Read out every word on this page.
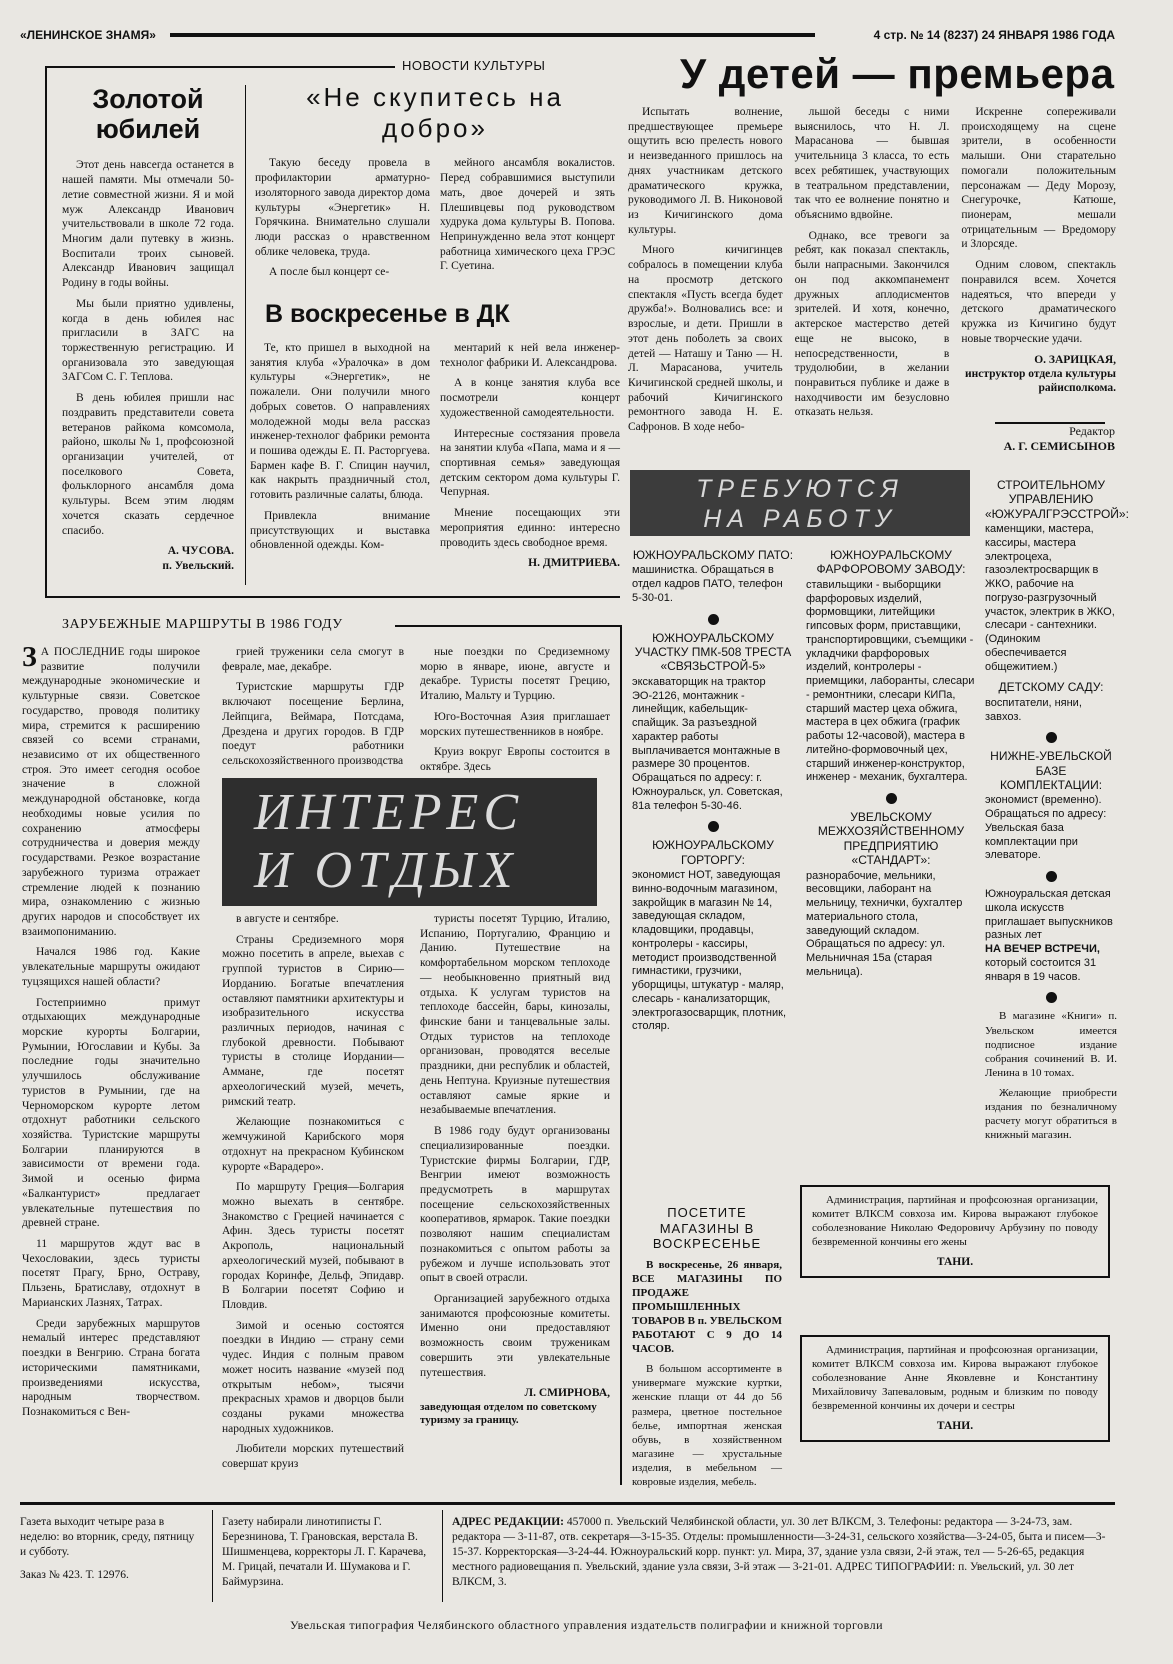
«ЛЕНИНСКОЕ ЗНАМЯ»	4 стр. № 14 (8237) 24 ЯНВАРЯ 1986 ГОДА
НОВОСТИ КУЛЬТУРЫ
Золотой юбилей

Этот день навсегда останется в нашей памяти. Мы отмечали 50-летие совместной жизни. Я и мой муж Александр Иванович учительствовали в школе 72 года. Многим дали путевку в жизнь. Воспитали троих сыновей. Александр Иванович защищал Родину в годы войны.

Мы были приятно удивлены, когда в день юбилея нас пригласили в ЗАГС на торжественную регистрацию. И организовала это заведующая ЗАГСом С. Г. Теплова.

В день юбилея пришли нас поздравить представители совета ветеранов райкома комсомола, районо, школы № 1, профсоюзной организации учителей, от поселкового Совета, фольклорного ансамбля дома культуры. Всем этим людям хочется сказать сердечное спасибо.

А. ЧУСОВА.

п. Увельский.

«Не скупитесь на добро»

Такую беседу провела в профилактории арматурно-изоляторного завода директор дома культуры «Энергетик» Н. Горячкина. Внимательно слушали люди рассказ о нравственном облике человека, труда.

А после был концерт се-

мейного ансамбля вокалистов. Перед собравшимися выступили мать, двое дочерей и зять Плешивцевы под руководством худрука дома культуры В. Попова. Непринужденно вела этот концерт работница химического цеха ГРЭС Г. Суетина.

В воскресенье в ДК

Те, кто пришел в выходной на занятия клуба «Уралочка» в дом культуры «Энергетик», не пожалели. Они получили много добрых советов. О направлениях молодежной моды вела рассказ инженер-технолог фабрики ремонта и пошива одежды Е. П. Расторгуева. Бармен кафе В. Г. Спицин научил, как накрыть праздничный стол, готовить различные салаты, блюда.

Привлекла внимание присутствующих и выставка обновленной одежды. Ком-

ментарий к ней вела инженер-технолог фабрики И. Александрова.

А в конце занятия клуба все посмотрели концерт художественной самодеятельности.

Интересные состязания провела на занятии клуба «Папа, мама и я — спортивная семья» заведующая детским сектором дома культуры Г. Чепурная.

Мнение посещающих эти мероприятия единно: интересно проводить здесь свободное время.

Н. ДМИТРИЕВА.

У детей — премьера

Испытать волнение, предшествующее премьере ощутить всю прелесть нового и неизведанного пришлось на днях участникам детского драматического кружка, руководимого Л. В. Никоновой из Кичигинского дома культуры.

Много кичигинцев собралось в помещении клуба на просмотр детского спектакля «Пусть всегда будет дружба!». Волновались все: и взрослые, и дети. Пришли в этот день поболеть за своих детей — Наташу и Таню — Н. Л. Марасанова, учитель Кичигинской средней школы, и рабочий Кичигинского ремонтного завода Н. Е. Сафронов. В ходе небо-

льшой беседы с ними выяснилось, что Н. Л. Марасанова — бывшая учительница 3 класса, то есть всех ребятишек, участвующих в театральном представлении, так что ее волнение понятно и объяснимо вдвойне.

Однако, все тревоги за ребят, как показал спектакль, были напрасными. Закончился он под аккомпанемент дружных аплодисментов зрителей. И хотя, конечно, актерское мастерство детей еще не высоко, в непосредственности, в трудолюбии, в желании понравиться публике и даже в находчивости им безусловно отказать нельзя.

Искренне сопереживали происходящему на сцене зрители, в особенности малыши. Они старательно помогали положительным персонажам — Деду Морозу, Снегурочке, Катюше, пионерам, мешали отрицательным — Вредомору и Злорсяде.

Одним словом, спектакль понравился всем. Хочется надеяться, что впереди у детского драматического кружка из Кичигино будут новые творческие удачи.

О. ЗАРИЦКАЯ,

инструктор отдела культуры райисполкома.

Редактор
А. Г. СЕМИСЫНОВ
ТРЕБУЮТСЯ
НА РАБОТУ

ЮЖНОУРАЛЬСКОМУ ПАТО:

машинистка. Обращаться в отдел кадров ПАТО, телефон 5-30-01.

ЮЖНОУРАЛЬСКОМУ УЧАСТКУ ПМК-508 ТРЕСТА «СВЯЗЬСТРОЙ-5»

экскаваторщик на трактор ЭО-2126, монтажник - линейщик, кабельщик-спайщик. За разъездной характер работы выплачивается монтажные в размере 30 процентов. Обращаться по адресу: г. Южноуральск, ул. Советская, 81а телефон 5-30-46.

ЮЖНОУРАЛЬСКОМУ ГОРТОРГУ:

экономист НОТ, заведующая винно-водочным магазином, закройщик в магазин № 14, заведующая складом, кладовщики, продавцы, контролеры - кассиры, методист производственной гимнастики, грузчики, уборщицы, штукатур - маляр, слесарь - канализаторщик, электрогазосварщик, плотник, столяр.

ЮЖНОУРАЛЬСКОМУ ФАРФОРОВОМУ ЗАВОДУ:

ставильщики - выборщики фарфоровых изделий, формовщики, литейщики гипсовых форм, приставщики, транспортировщики, съемщики - укладчики фарфоровых изделий, контролеры - приемщики, лаборанты, слесари - ремонтники, слесари КИПа, старший мастер цеха обжига, мастера в цех обжига (график работы 12-часовой), мастера в литейно-формовочный цех, старший инженер-конструктор, инженер - механик, бухгалтера.

УВЕЛЬСКОМУ МЕЖХОЗЯЙСТВЕННОМУ ПРЕДПРИЯТИЮ «СТАНДАРТ»:

разнорабочие, мельники, весовщики, лаборант на мельницу, технички, бухгалтер материального стола, заведующий складом. Обращаться по адресу: ул. Мельничная 15а (старая мельница).

СТРОИТЕЛЬНОМУ УПРАВЛЕНИЮ «ЮЖУРАЛГРЭССТРОЙ»:

каменщики, мастера, кассиры, мастера электроцеха, газоэлектросварщик в ЖКО, рабочие на погрузо-разгрузочный участок, электрик в ЖКО, слесари - сантехники. (Одиноким обеспечивается общежитием.)

ДЕТСКОМУ САДУ:

воспитатели, няни, завхоз.

НИЖНЕ-УВЕЛЬСКОЙ БАЗЕ КОМПЛЕКТАЦИИ:

экономист (временно). Обращаться по адресу: Увельская база комплектации при элеваторе.

Южноуральская детская школа искусств приглашает выпускников разных лет

НА ВЕЧЕР ВСТРЕЧИ,

который состоится 31 января в 19 часов.

В магазине «Книги» п. Увельском имеется подписное издание собрания сочинений В. И. Ленина в 10 томах.

Желающие приобрести издания по безналичному расчету могут обратиться в книжный магазин.

ПОСЕТИТЕ МАГАЗИНЫ В ВОСКРЕСЕНЬЕ

В воскресенье, 26 января, ВСЕ МАГАЗИНЫ ПО ПРОДАЖЕ ПРОМЫШЛЕННЫХ ТОВАРОВ В п. УВЕЛЬСКОМ РАБОТАЮТ С 9 ДО 14 ЧАСОВ.

В большом ассортименте в универмаге мужские куртки, женские плащи от 44 до 56 размера, цветное постельное белье, импортная женская обувь, в хозяйственном магазине — хрустальные изделия, в мебельном — ковровые изделия, мебель.

Администрация, партийная и профсоюзная организации, комитет ВЛКСМ совхоза им. Кирова выражают глубокое соболезнование Николаю Федоровичу Арбузину по поводу безвременной кончины его жены

ТАНИ.

Администрация, партийная и профсоюзная организации, комитет ВЛКСМ совхоза им. Кирова выражают глубокое соболезнование Анне Яковлевне и Константину Михайловичу Запеваловым, родным и близким по поводу безвременной кончины их дочери и сестры

ТАНИ.

ЗАРУБЕЖНЫЕ МАРШРУТЫ В 1986 ГОДУ

З А ПОСЛЕДНИЕ годы широкое развитие получили международные экономические и культурные связи. Советское государство, проводя политику мира, стремится к расширению связей со всеми странами, независимо от их общественного строя. Это имеет сегодня особое значение в сложной международной обстановке, когда необходимы новые усилия по сохранению атмосферы сотрудничества и доверия между государствами. Резкое возрастание зарубежного туризма отражает стремление людей к познанию мира, ознакомлению с жизнью других народов и способствует их взаимопониманию.

Начался 1986 год. Какие увлекательные маршруты ожидают туцзящихся нашей области?

Гостеприимно примут отдыхающих международные морские курорты Болгарии, Румынии, Югославии и Кубы. За последние годы значительно улучшилось обслуживание туристов в Румынии, где на Черноморском курорте летом отдохнут работники сельского хозяйства. Туристские маршруты Болгарии планируются в зависимости от времени года. Зимой и осенью фирма «Балкантурист» предлагает увлекательные путешествия по древней стране.

11 маршрутов ждут вас в Чехословакии, здесь туристы посетят Прагу, Брно, Остраву, Пльзень, Братиславу, отдохнут в Марианских Лазнях, Татрах.

Среди зарубежных маршрутов немалый интерес представляют поездки в Венгрию. Страна богата историческими памятниками, произведениями искусства, народным творчеством. Познакомиться с Вен-

грией труженики села смогут в феврале, мае, декабре.

Туристские маршруты ГДР включают посещение Берлина, Лейпцига, Веймара, Потсдама, Дрездена и других городов. В ГДР поедут работники сельскохозяйственного производства

ные поездки по Средиземному морю в январе, июне, августе и декабре. Туристы посетят Грецию, Италию, Мальту и Турцию.

Юго-Восточная Азия приглашает морских путешественников в ноябре.

Круиз вокруг Европы состоится в октябре. Здесь

ИНТЕРЕС
И ОТДЫХ

в августе и сентябре.

Страны Средиземного моря можно посетить в апреле, выехав с группой туристов в Сирию—Иорданию. Богатые впечатления оставляют памятники архитектуры и изобразительного искусства различных периодов, начиная с глубокой древности. Побывают туристы в столице Иордании—Аммане, где посетят археологический музей, мечеть, римский театр.

Желающие познакомиться с жемчужиной Карибского моря отдохнут на прекрасном Кубинском курорте «Варадеро».

По маршруту Греция—Болгария можно выехать в сентябре. Знакомство с Грецией начинается с Афин. Здесь туристы посетят Акрополь, национальный археологический музей, побывают в городах Коринфе, Дельф, Эпидавр. В Болгарии посетят Софию и Пловдив.

Зимой и осенью состоятся поездки в Индию — страну семи чудес. Индия с полным правом может носить название «музей под открытым небом», тысячи прекрасных храмов и дворцов были созданы руками множества народных художников.

Любители морских путешествий совершат круиз

туристы посетят Турцию, Италию, Испанию, Португалию, Францию и Данию. Путешествие на комфортабельном морском теплоходе — необыкновенно приятный вид отдыха. К услугам туристов на теплоходе бассейн, бары, кинозалы, финские бани и танцевальные залы. Отдых туристов на теплоходе организован, проводятся веселые праздники, дни республик и областей, день Нептуна. Круизные путешествия оставляют самые яркие и незабываемые впечатления.

В 1986 году будут организованы специализированные поездки. Туристские фирмы Болгарии, ГДР, Венгрии имеют возможность предусмотреть в маршрутах посещение сельскохозяйственных кооперативов, ярмарок. Такие поездки позволяют нашим специалистам познакомиться с опытом работы за рубежом и лучше использовать этот опыт в своей отрасли.

Организацией зарубежного отдыха занимаются профсоюзные комитеты. Именно они предоставляют возможность своим труженикам совершить эти увлекательные путешествия.

Л. СМИРНОВА,

заведующая отделом по советскому туризму за границу.

Газета выходит четыре раза в неделю: во вторник, среду, пятницу и субботу.
Заказ № 423. Т. 12976.
Газету набирали линотиписты Г. Березнинова, Т. Грановская, верстала В. Шишменцева, корректоры Л. Г. Карачева, М. Грицай, печатали И. Шумакова и Г. Баймурзина.
АДРЕС РЕДАКЦИИ: 457000 п. Увельский Челябинской области, ул. 30 лет ВЛКСМ, 3. Телефоны: редактора — 3-24-73, зам. редактора — 3-11-87, отв. секретаря—3-15-35. Отделы: промышленности—3-24-31, сельского хозяйства—3-24-05, быта и писем—3-15-37. Корректорская—3-24-44. Южноуральский корр. пункт: ул. Мира, 37, здание узла связи, 2-й этаж, тел — 5-26-65, редакция местного радиовещания п. Увельский, здание узла связи, 3-й этаж — 3-21-01. АДРЕС ТИПОГРАФИИ: п. Увельский, ул. 30 лет ВЛКСМ, 3.
Увельская типография Челябинского областного управления издательств полиграфии и книжной торговли
